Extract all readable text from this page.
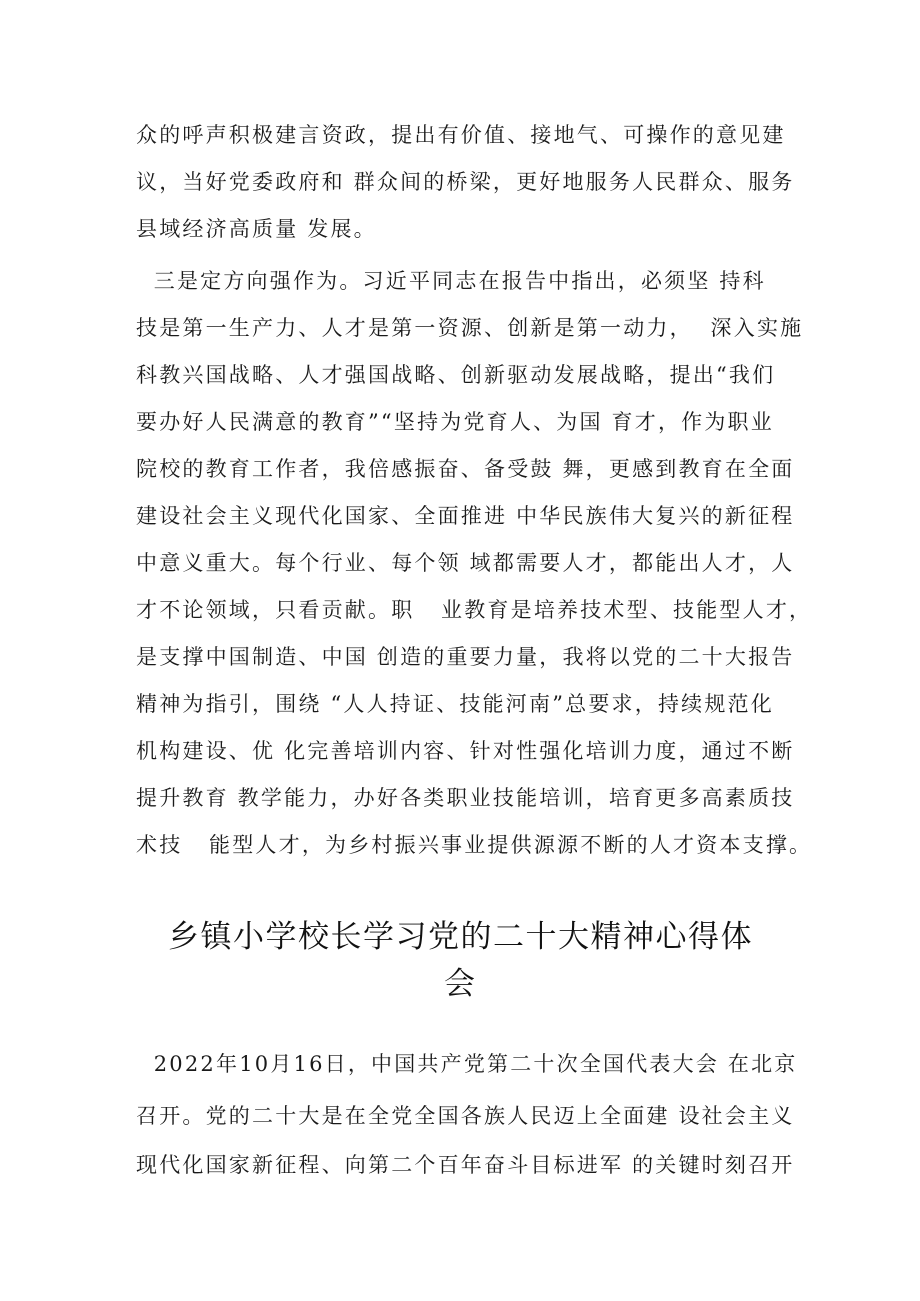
众的呼声积极建言资政，提出有价值、接地气、可操作的意见建
议，当好党委政府和 群众间的桥梁，更好地服务人民群众、服务
县域经济高质量 发展。
三是定方向强作为。习近平同志在报告中指出，必须坚 持科
技是第一生产力、人才是第一资源、创新是第一动力，  深入实施
科教兴国战略、人才强国战略、创新驱动发展战略，提出“我们
要办好人民满意的教育”“坚持为党育人、为国 育才，作为职业
院校的教育工作者，我倍感振奋、备受鼓 舞，更感到教育在全面
建设社会主义现代化国家、全面推进 中华民族伟大复兴的新征程
中意义重大。每个行业、每个领 域都需要人才，都能出人才，人
才不论领域，只看贡献。职   业教育是培养技术型、技能型人才，
是支撑中国制造、中国 创造的重要力量，我将以党的二十大报告
精神为指引，围绕 “人人持证、技能河南”总要求，持续规范化
机构建设、优 化完善培训内容、针对性强化培训力度，通过不断
提升教育 教学能力，办好各类职业技能培训，培育更多高素质技
术技   能型人才，为乡村振兴事业提供源源不断的人才资本支撑。
乡镇小学校长学习党的二十大精神心得体
会
2022年10月16日，中国共产党第二十次全国代表大会 在北京
召开。党的二十大是在全党全国各族人民迈上全面建 设社会主义
现代化国家新征程、向第二个百年奋斗目标进军 的关键时刻召开
